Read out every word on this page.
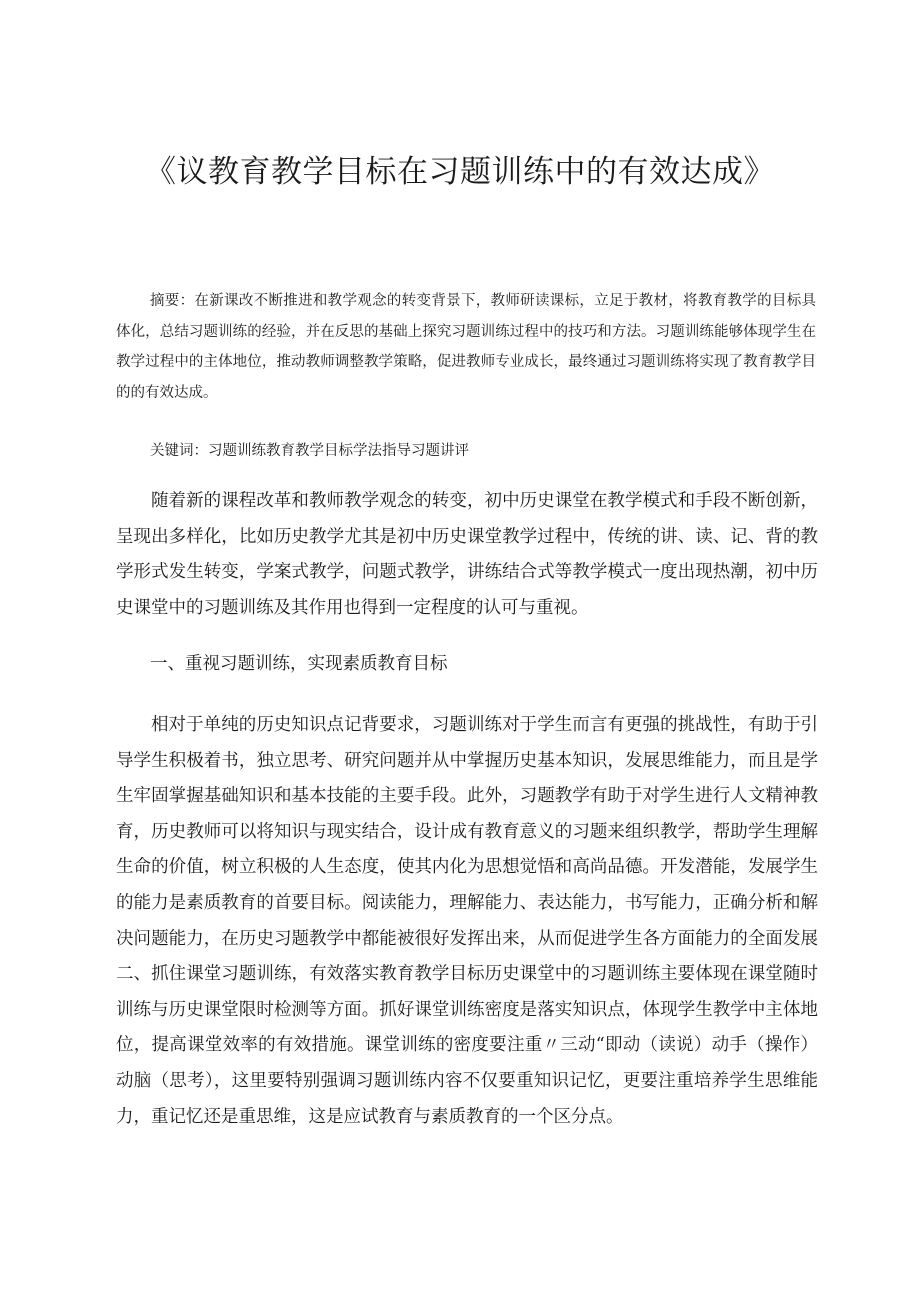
《议教育教学目标在习题训练中的有效达成》

摘要：在新课改不断推进和教学观念的转变背景下，教师研读课标，立足于教材，将教育教学的目标具体化，总结习题训练的经验，并在反思的基础上探究习题训练过程中的技巧和方法。习题训练能够体现学生在教学过程中的主体地位，推动教师调整教学策略，促进教师专业成长，最终通过习题训练将实现了教育教学目的的有效达成。

关键词：习题训练教育教学目标学法指导习题讲评

随着新的课程改革和教师教学观念的转变，初中历史课堂在教学模式和手段不断创新，呈现出多样化，比如历史教学尤其是初中历史课堂教学过程中，传统的讲、读、记、背的教学形式发生转变，学案式教学，问题式教学，讲练结合式等教学模式一度出现热潮，初中历史课堂中的习题训练及其作用也得到一定程度的认可与重视。

一、重视习题训练，实现素质教育目标

相对于单纯的历史知识点记背要求，习题训练对于学生而言有更强的挑战性，有助于引导学生积极着书，独立思考、研究问题并从中掌握历史基本知识，发展思维能力，而且是学生牢固掌握基础知识和基本技能的主要手段。此外，习题教学有助于对学生进行人文精神教育，历史教师可以将知识与现实结合，设计成有教育意义的习题来组织教学，帮助学生理解生命的价值，树立积极的人生态度，使其内化为思想觉悟和高尚品德。开发潜能，发展学生的能力是素质教育的首要目标。阅读能力，理解能力、表达能力，书写能力，正确分析和解决问题能力，在历史习题教学中都能被很好发挥出来，从而促进学生各方面能力的全面发展二、抓住课堂习题训练，有效落实教育教学目标历史课堂中的习题训练主要体现在课堂随时训练与历史课堂限时检测等方面。抓好课堂训练密度是落实知识点，体现学生教学中主体地位，提高课堂效率的有效措施。课堂训练的密度要注重〃三动“即动（读说）动手（操作）动脑（思考），这里要特别强调习题训练内容不仅要重知识记忆，更要注重培养学生思维能力，重记忆还是重思维，这是应试教育与素质教育的一个区分点。
